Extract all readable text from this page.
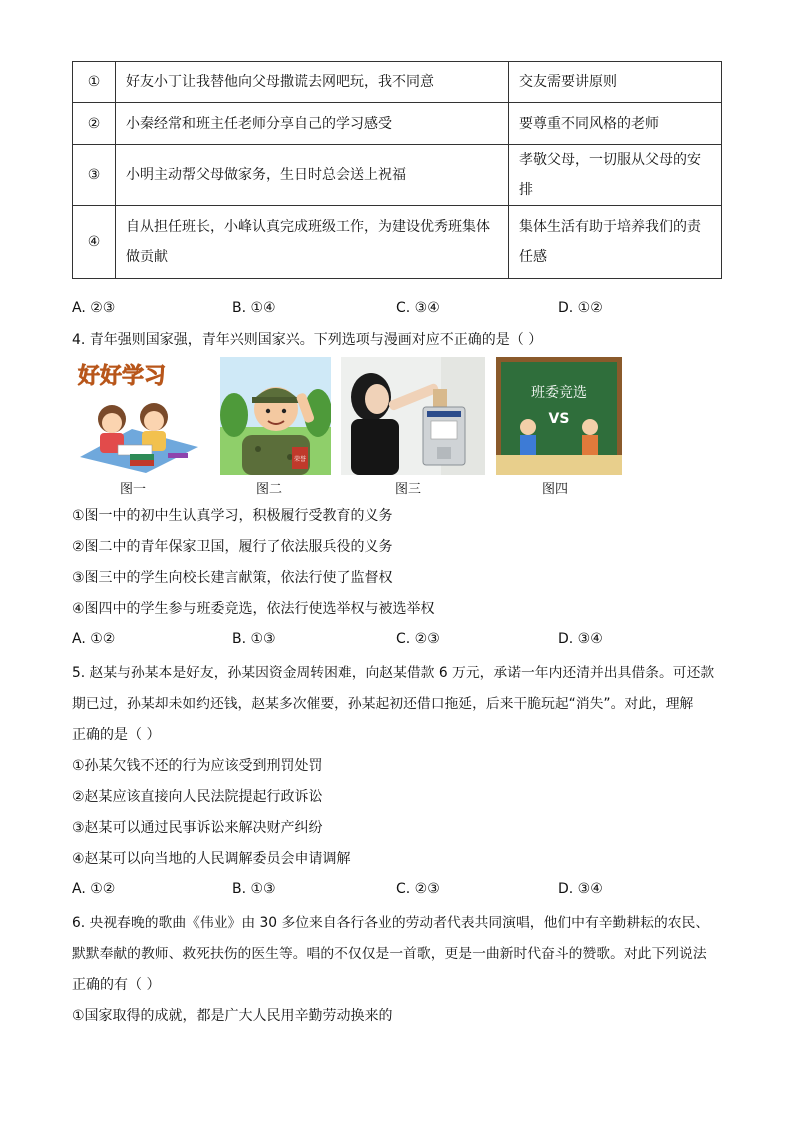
①	好友小丁让我替他向父母撒谎去网吧玩，我不同意	交友需要讲原则
②	小秦经常和班主任老师分享自己的学习感受	要尊重不同风格的老师
③	小明主动帮父母做家务，生日时总会送上祝福	孝敬父母，一切服从父母的安排
④	自从担任班长，小峰认真完成班级工作，为建设优秀班集体做贡献	集体生活有助于培养我们的责任感
A. ②③	B. ①④	C. ③④	D. ①②
4. 青年强则国家强，青年兴则国家兴。下列选项与漫画对应不正确的是（ ）
好好学习
图一
荣誉
图二	图三
班委竞选
VS
图四
①图一中的初中生认真学习，积极履行受教育的义务
②图二中的青年保家卫国，履行了依法服兵役的义务
③图三中的学生向校长建言献策，依法行使了监督权
④图四中的学生参与班委竞选，依法行使选举权与被选举权
A. ①②	B. ①③	C. ②③	D. ③④
5. 赵某与孙某本是好友，孙某因资金周转困难，向赵某借款 6 万元，承诺一年内还清并出具借条。可还款
期已过，孙某却未如约还钱，赵某多次催要，孙某起初还借口拖延，后来干脆玩起“消失”。对此，理解
正确的是（ ）
①孙某欠钱不还的行为应该受到刑罚处罚
②赵某应该直接向人民法院提起行政诉讼
③赵某可以通过民事诉讼来解决财产纠纷
④赵某可以向当地的人民调解委员会申请调解
A. ①②	B. ①③	C. ②③	D. ③④
6. 央视春晚的歌曲《伟业》由 30 多位来自各行各业的劳动者代表共同演唱，他们中有辛勤耕耘的农民、
默默奉献的教师、救死扶伤的医生等。唱的不仅仅是一首歌，更是一曲新时代奋斗的赞歌。对此下列说法
正确的有（ ）
①国家取得的成就，都是广大人民用辛勤劳动换来的
